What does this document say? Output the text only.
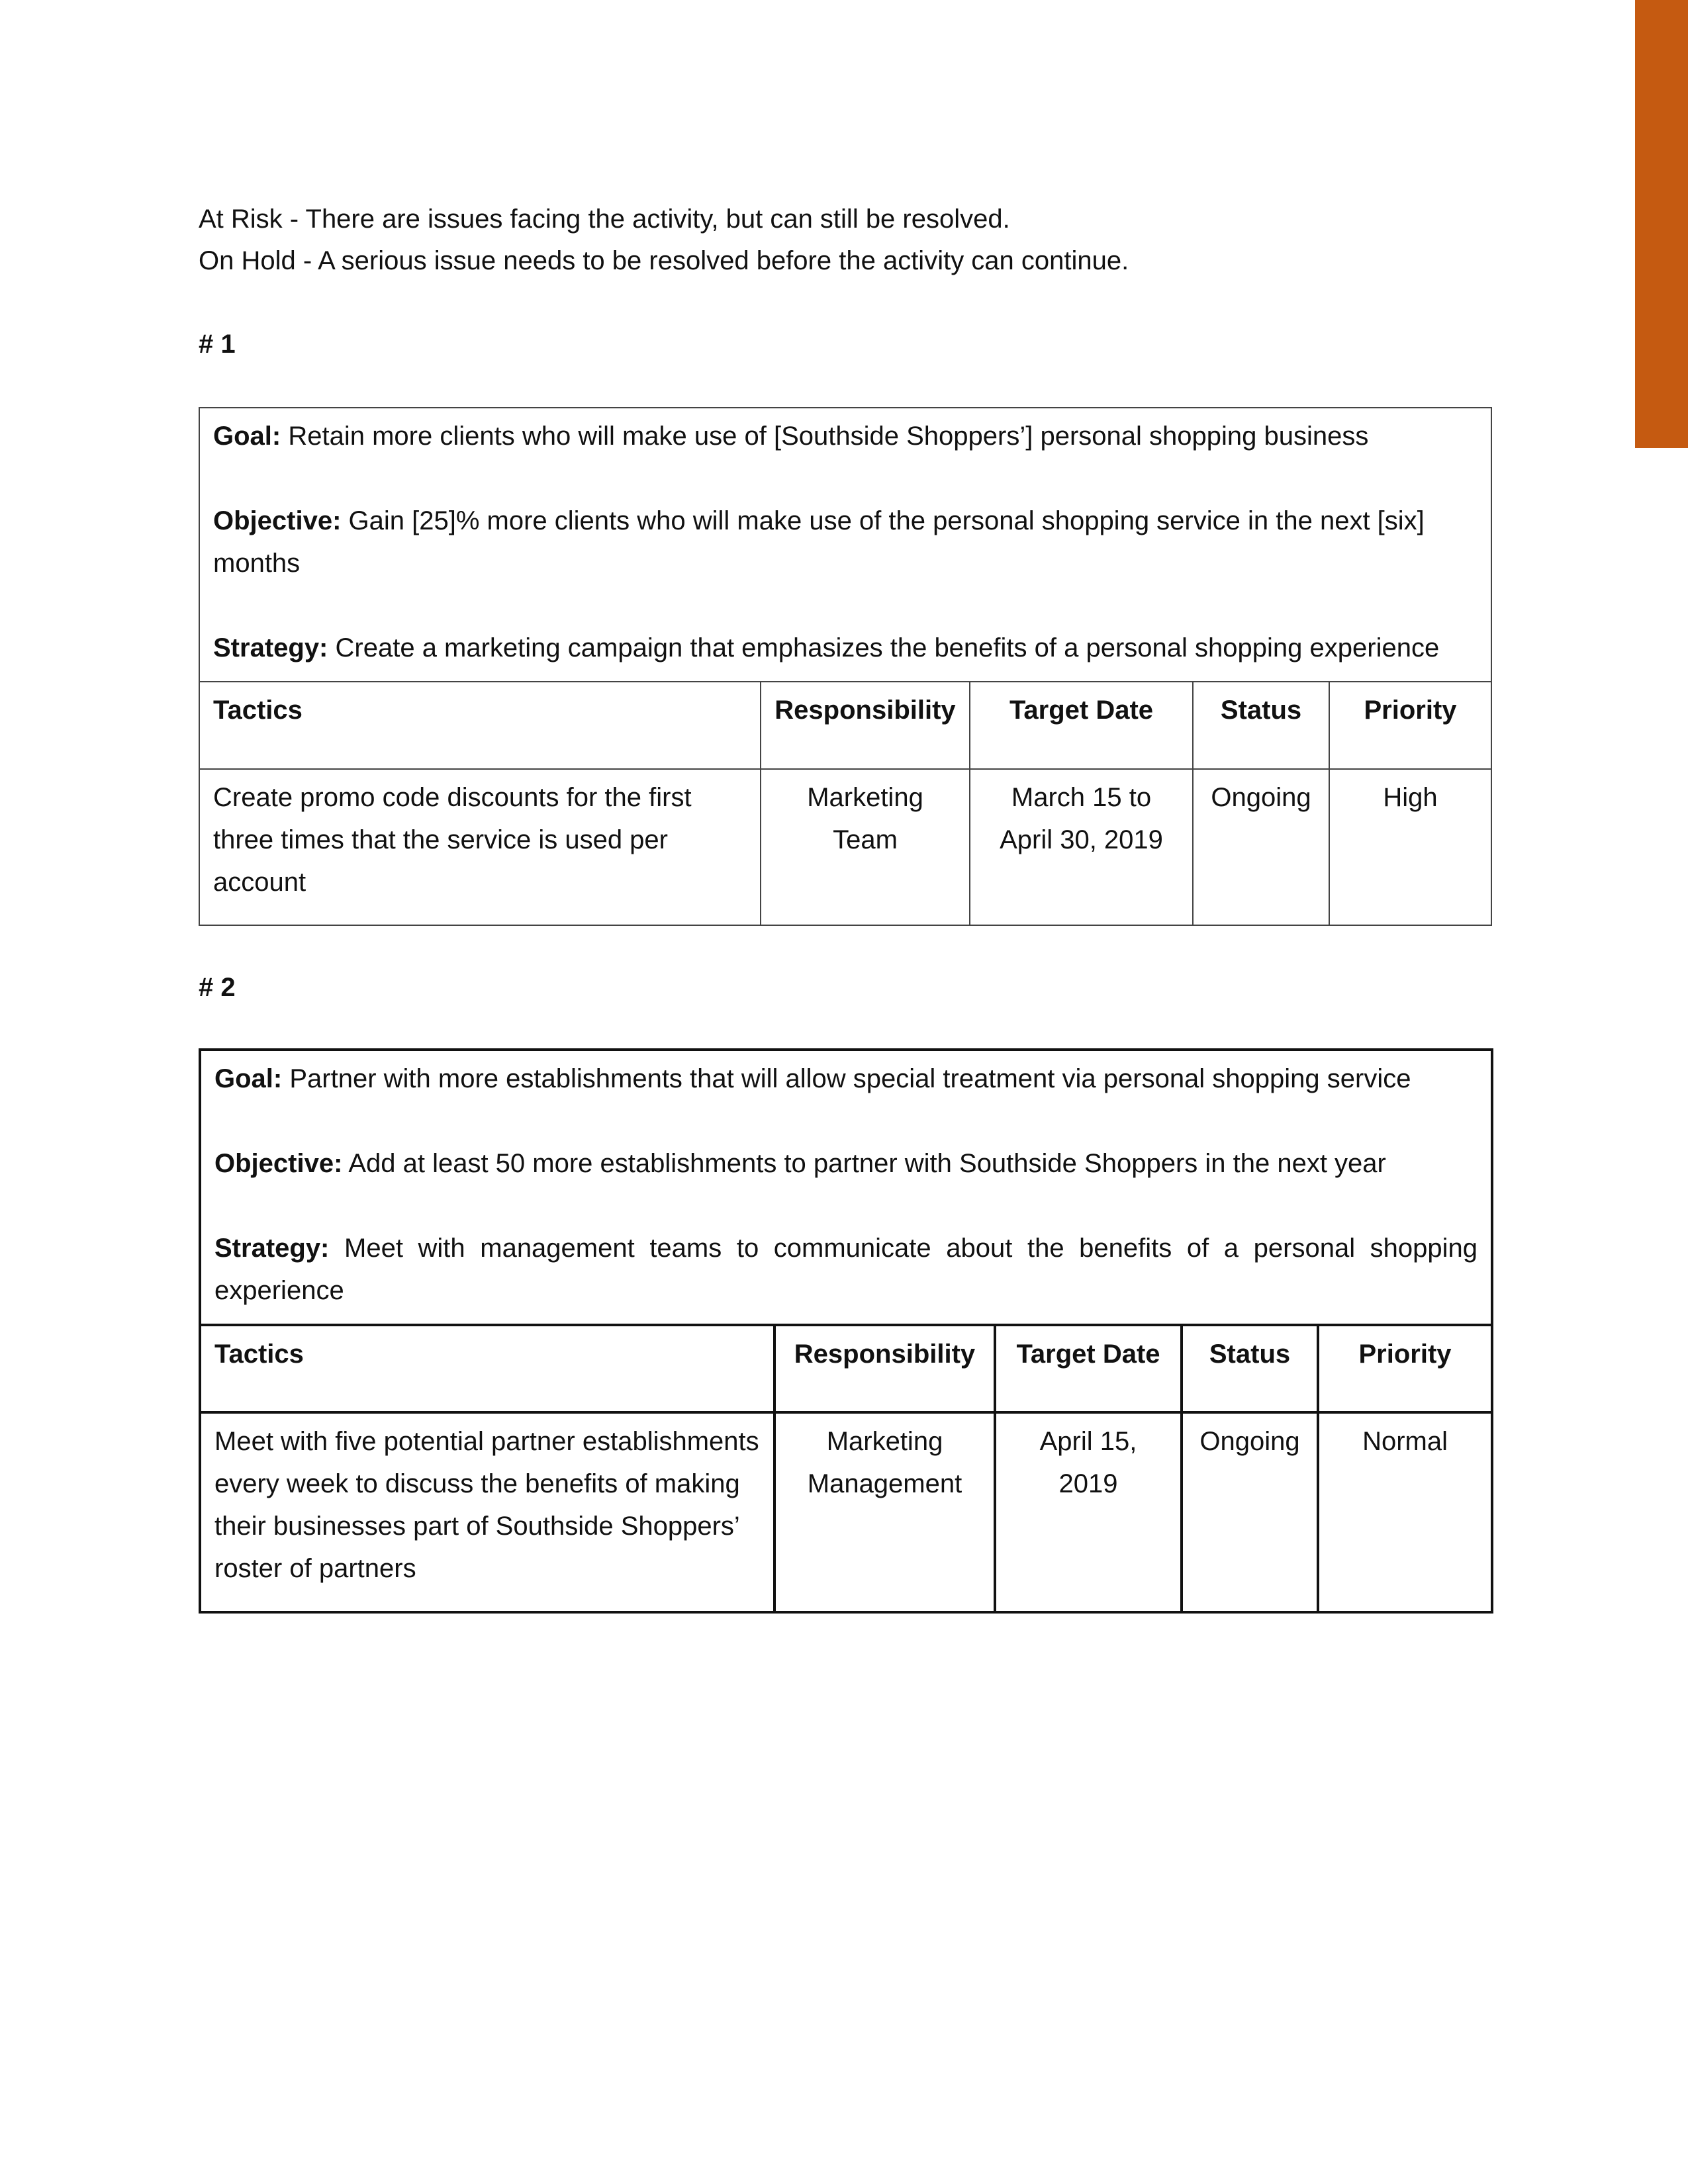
At Risk - There are issues facing the activity, but can still be resolved.

On Hold - A serious issue needs to be resolved before the activity can continue.

# 1

Goal: Retain more clients who will make use of [Southside Shoppers’] personal shopping business

Objective: Gain [25]% more clients who will make use of the personal shopping service in the next [six] months

Strategy: Create a marketing campaign that emphasizes the benefits of a personal shopping experience				

Tactics	Responsibility	Target Date	Status	Priority
Create promo code discounts for the first three times that the service is used per account	Marketing Team	March 15 to April 30, 2019	Ongoing	High

# 2

Goal: Partner with more establishments that will allow special treatment via personal shopping service

Objective: Add at least 50 more establishments to partner with Southside Shoppers in the next year

Strategy: Meet with management teams to communicate about the benefits of a personal shopping experience				

Tactics	Responsibility	Target Date	Status	Priority
Meet with five potential partner establishments every week to discuss the benefits of making their businesses part of Southside Shoppers’ roster of partners	Marketing Management	April 15, 2019	Ongoing	Normal
